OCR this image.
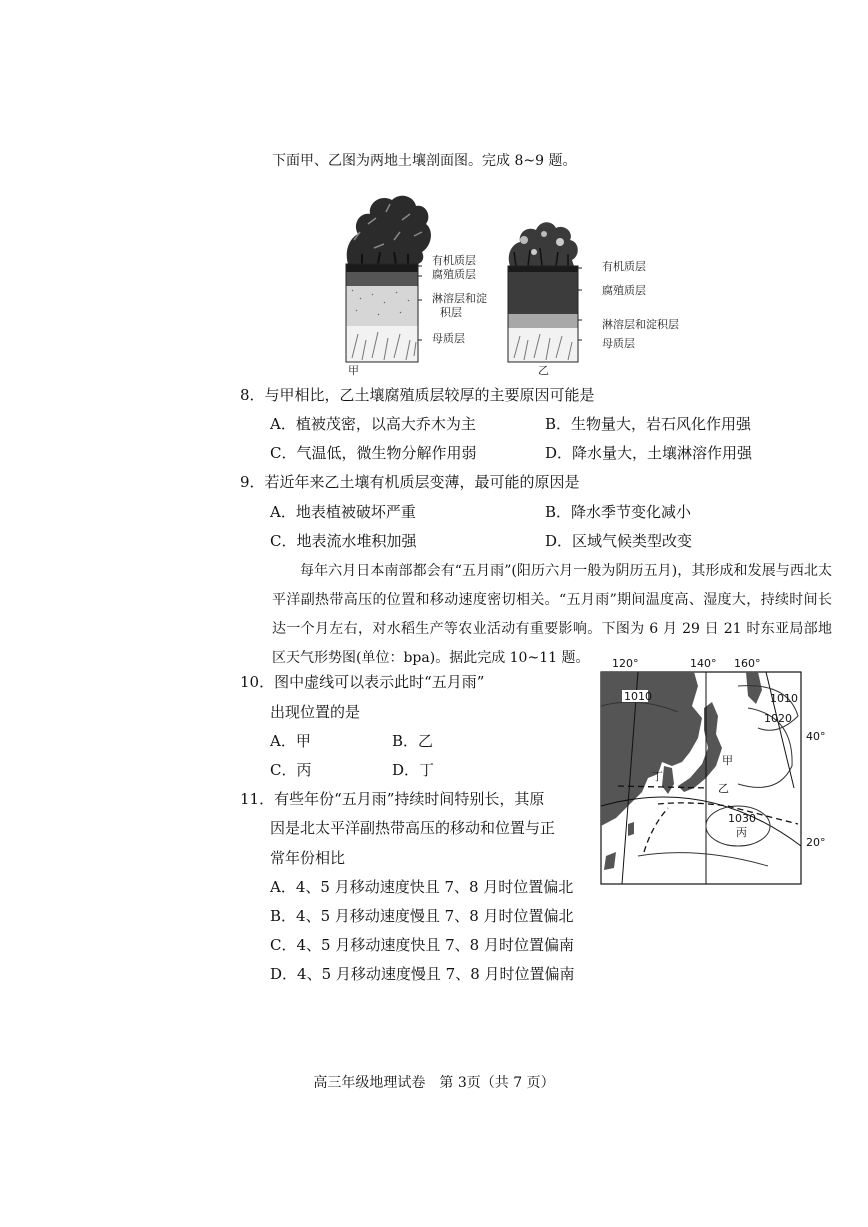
下面甲、乙图为两地土壤剖面图。完成 8~9 题。
有机质层
腐殖质层
淋溶层和淀
积层
母质层
甲
有机质层
腐殖质层
淋溶层和淀积层
母质层
乙
8．与甲相比，乙土壤腐殖质层较厚的主要原因可能是
A．植被茂密，以高大乔木为主	B．生物量大，岩石风化作用强
C．气温低，微生物分解作用弱	D．降水量大，土壤淋溶作用强
9．若近年来乙土壤有机质层变薄，最可能的原因是
A．地表植被破坏严重	B．降水季节变化减小
C．地表流水堆积加强	D．区域气候类型改变
每年六月日本南部都会有“五月雨”(阳历六月一般为阴历五月)，其形成和发展与西北太平洋副热带高压的位置和移动速度密切相关。“五月雨”期间温度高、湿度大，持续时间长达一个月左右，对水稻生产等农业活动有重要影响。下图为 6 月 29 日 21 时东亚局部地区天气形势图(单位：bpa)。据此完成 10~11 题。	120°	140° 160°
40°
20°
1010	1010
1020
1030
甲
乙
丙
丁
10．图中虚线可以表示此时“五月雨”
出现位置的是
A．甲	B．乙
C．丙	D．丁
11．有些年份“五月雨”持续时间特别长，其原
因是北太平洋副热带高压的移动和位置与正
常年份相比
A．4、5 月移动速度快且 7、8 月时位置偏北
B．4、5 月移动速度慢且 7、8 月时位置偏北
C．4、5 月移动速度快且 7、8 月时位置偏南
D．4、5 月移动速度慢且 7、8 月时位置偏南
高三年级地理试卷　第 3页（共 7 页）
